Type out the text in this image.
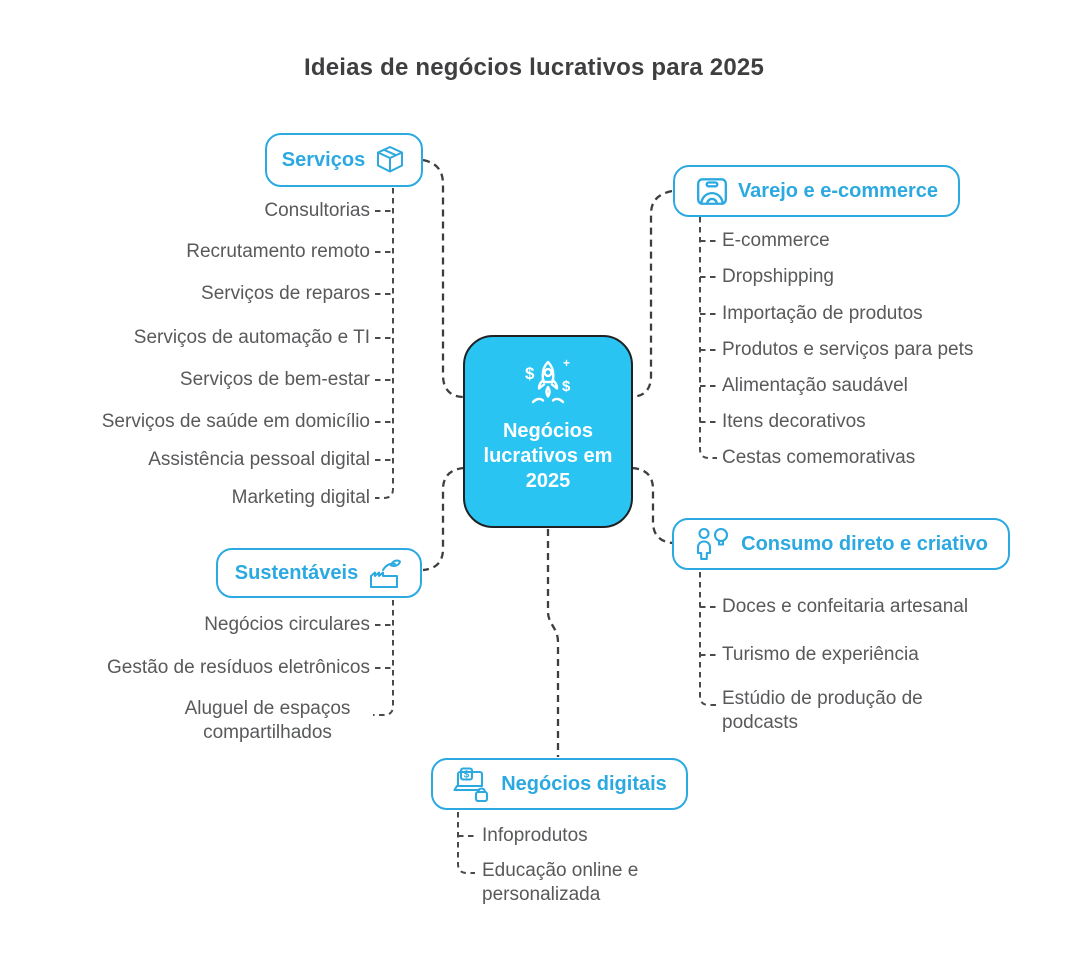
Ideias de negócios lucrativos para 2025
$
$
+
Negócios lucrativos em 2025
Serviços
Varejo e e-commerce
Sustentáveis
Consumo direto e criativo
$ Negócios digitais
Consultorias
Recrutamento remoto
Serviços de reparos
Serviços de automação e TI
Serviços de bem-estar
Serviços de saúde em domicílio
Assistência pessoal digital
Marketing digital
E-commerce
Dropshipping
Importação de produtos
Produtos e serviços para pets
Alimentação saudável
Itens decorativos
Cestas comemorativas
Negócios circulares
Gestão de resíduos eletrônicos
Aluguel de espaços compartilhados
Doces e confeitaria artesanal
Turismo de experiência
Estúdio de produção de podcasts
Infoprodutos
Educação online e personalizada
